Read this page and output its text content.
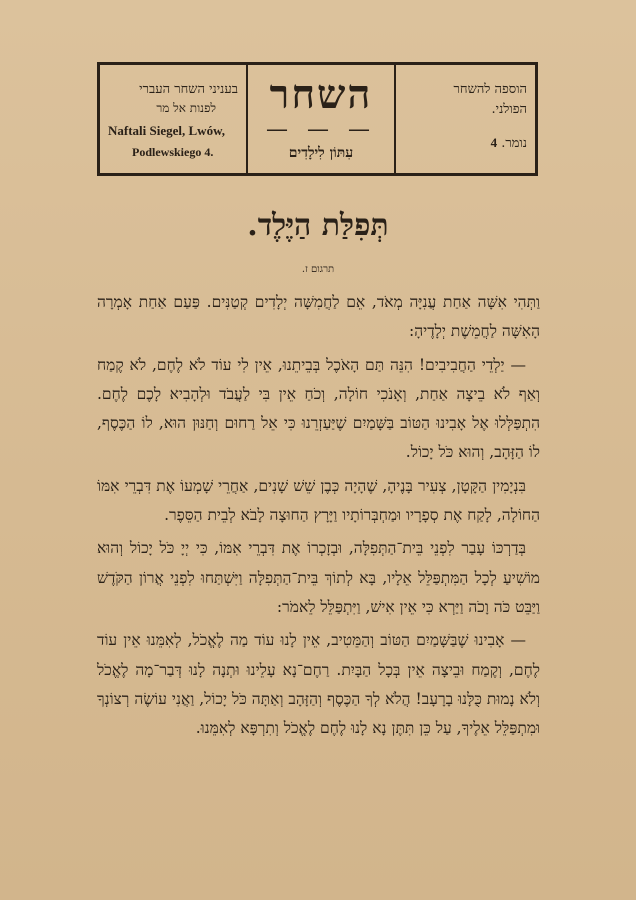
בעניני השחר העברי
לפנות אל מר
Naftali Siegel, Lwów,
Podlewskiego 4.
השחר
— — —
עִתּוֹן לִילָדִים
הוספה להשחר
הפולני.
נומר. 4
תְּפִלַּת הַיֶּלֶד.
תרגום ז.

וַתְּהִי אִשָּׁה אַחַת עֲנִיָּה מְאֹד, אֵם לַחֲמִשָּׁה יְלָדִים קְטַנִּים. פַּעַם אַחַת אָמְרָה הָאִשָּׁה לַחֲמֵשֶׁת יְלָדֶיהָ:

— יַלְדֵי הַחֲבִיבִים! הִנֵּה תַּם הָאֹכֶל בְּבֵיתֵנוּ, אֵין לִי עוֹד לֹא לֶחֶם, לֹא קֶמַח וְאַף לֹא בֵיצָה אַחַת, וְאָנֹכִי חוֹלָה, וְכֹחַ אֵין בִּי לַעֲבֹד וּלְהָבִיא לָכֶם לֶחֶם. הִתְפַּלְּלוּ אֶל אָבִינוּ הַטּוֹב בַּשָּׁמַיִם שֶׁיַּעַזְרֵנוּ כִּי אֵל רַחוּם וְחַנּוּן הוּא, לוֹ הַכֶּסֶף, לוֹ הַזָּהָב, וְהוּא כֹּל יָכוֹל.

בִּנְיָמִין הַקָּטָן, צְעִיר בָּנֶיהָ, שֶׁהָיָה כְּבֶן שֵׁשׁ שָׁנִים, אַחֲרֵי שָׁמְעוֹ אֶת דִּבְרֵי אִמּוֹ הַחוֹלָה, לָקַח אֶת סְפָרָיו וּמַחְבְּרוֹתָיו וַיָּרָץ הַחוּצָה לָבֹא לְבֵית הַסֵּפֶר.

בְּדַרְכּוֹ עָבַר לִפְנֵי בֵּית־הַתְּפִלָּה, וּבְזָכְרוֹ אֶת דִּבְרֵי אִמּוֹ, כִּי יְיָ כֹּל יָכוֹל וְהוּא מוֹשִׁיעַ לְכָל הַמִּתְפַּלֵּל אֵלָיו, בָּא לְתוֹךְ בֵּית־הַתְּפִלָּה וַיִּשְׁתַּחוּ לִפְנֵי אֲרוֹן הַקֹּדֶשׁ וַיַּבֵּט כֹּה וָכֹה וַיַּרְא כִּי אֵין אִישׁ, וַיִּתְפַּלֵּל לֵאמֹר:

— אָבִינוּ שֶׁבַּשָּׁמַיִם הַטּוֹב וְהַמֵּטִיב, אֵין לָנוּ עוֹד מַה לֶאֱכֹל, לְאִמֵּנוּ אֵין עוֹד לֶחֶם, וְקֶמַח וּבֵיצָה אֵין בְּכָל הַבָּיִת. רַחֶם־נָא עָלֵינוּ וּתְנָה לָנוּ דְּבַר־מָה לֶאֱכֹל וְלֹא נָמוּת כֻּלָּנוּ בָרָעָב! הֲלֹא לְךָ הַכֶּסֶף וְהַזָּהָב וְאַתָּה כֹּל יָכוֹל, וַאֲנִי עוֹשֶׂה רְצוֹנְךָ וּמִתְפַּלֵּל אֵלֶיךָ, עַל כֵּן תִּתֶּן נָא לָנוּ לֶחֶם לֶאֱכֹל וְתִרְפָּא לְאִמֵּנוּ.
